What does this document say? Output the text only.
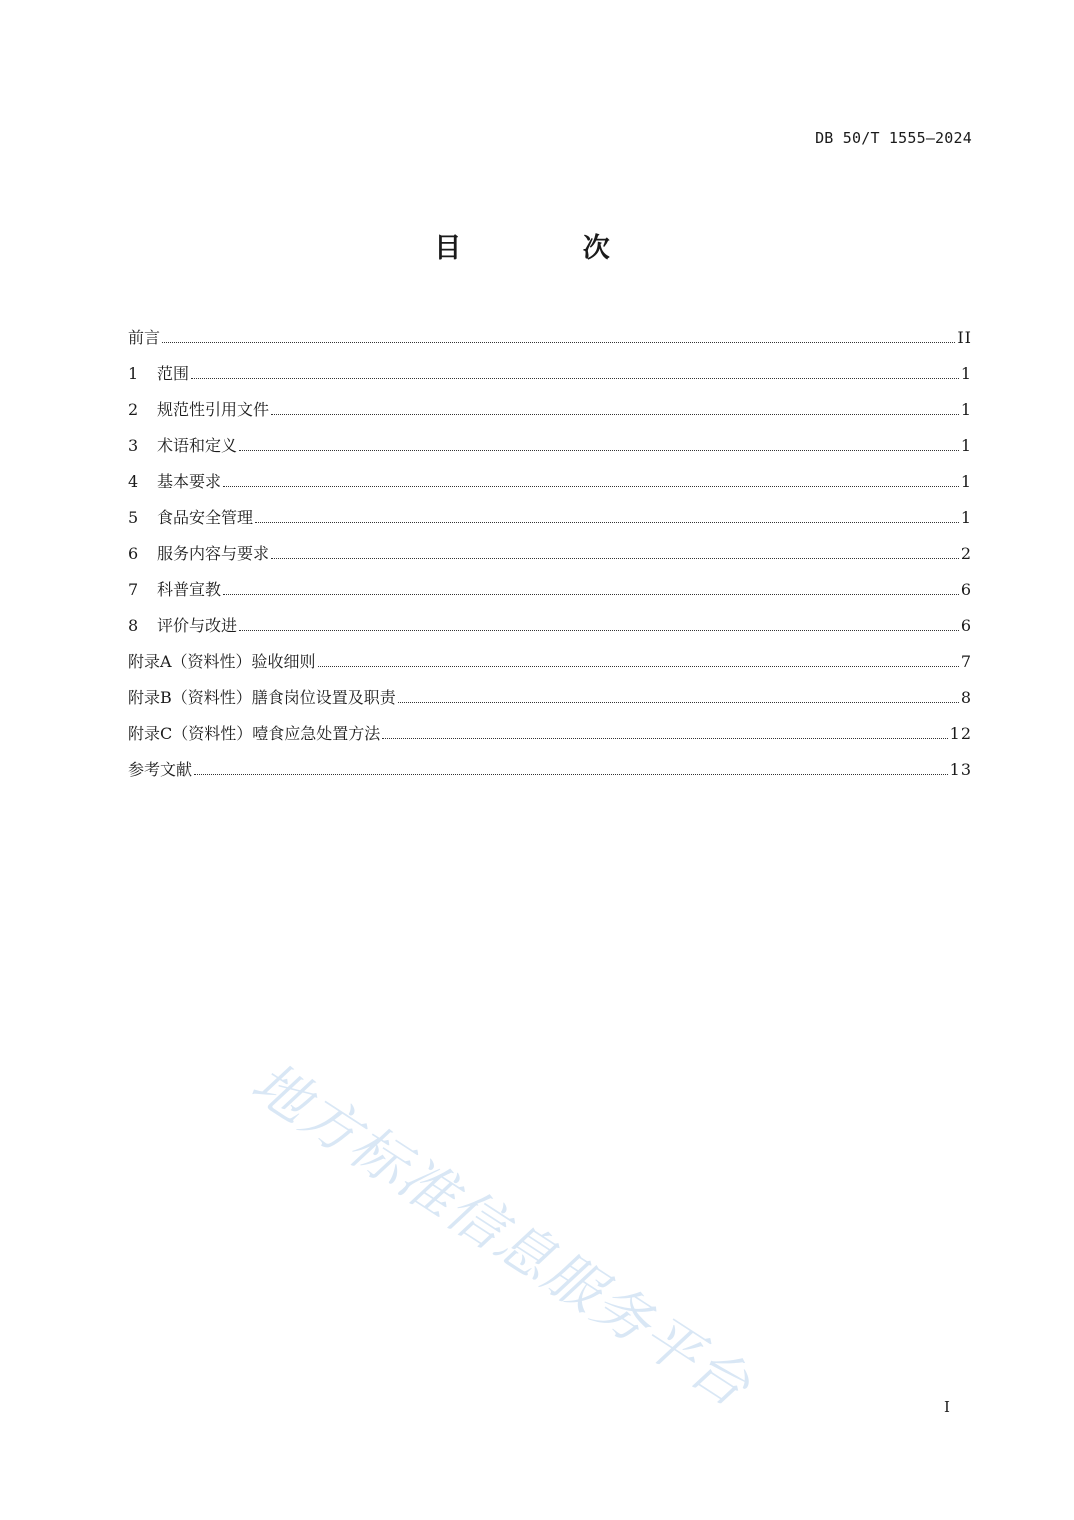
DB 50/T 1555—2024
目 次
前言	II
1	范围	1
2	规范性引用文件	1
3	术语和定义	1
4	基本要求	1
5	食品安全管理	1
6	服务内容与要求	2
7	科普宣教	6
8	评价与改进	6
附录A（资料性）验收细则	7
附录B（资料性）膳食岗位设置及职责	8
附录C（资料性）噎食应急处置方法	12
参考文献	13
地方标准信息服务平台	I
